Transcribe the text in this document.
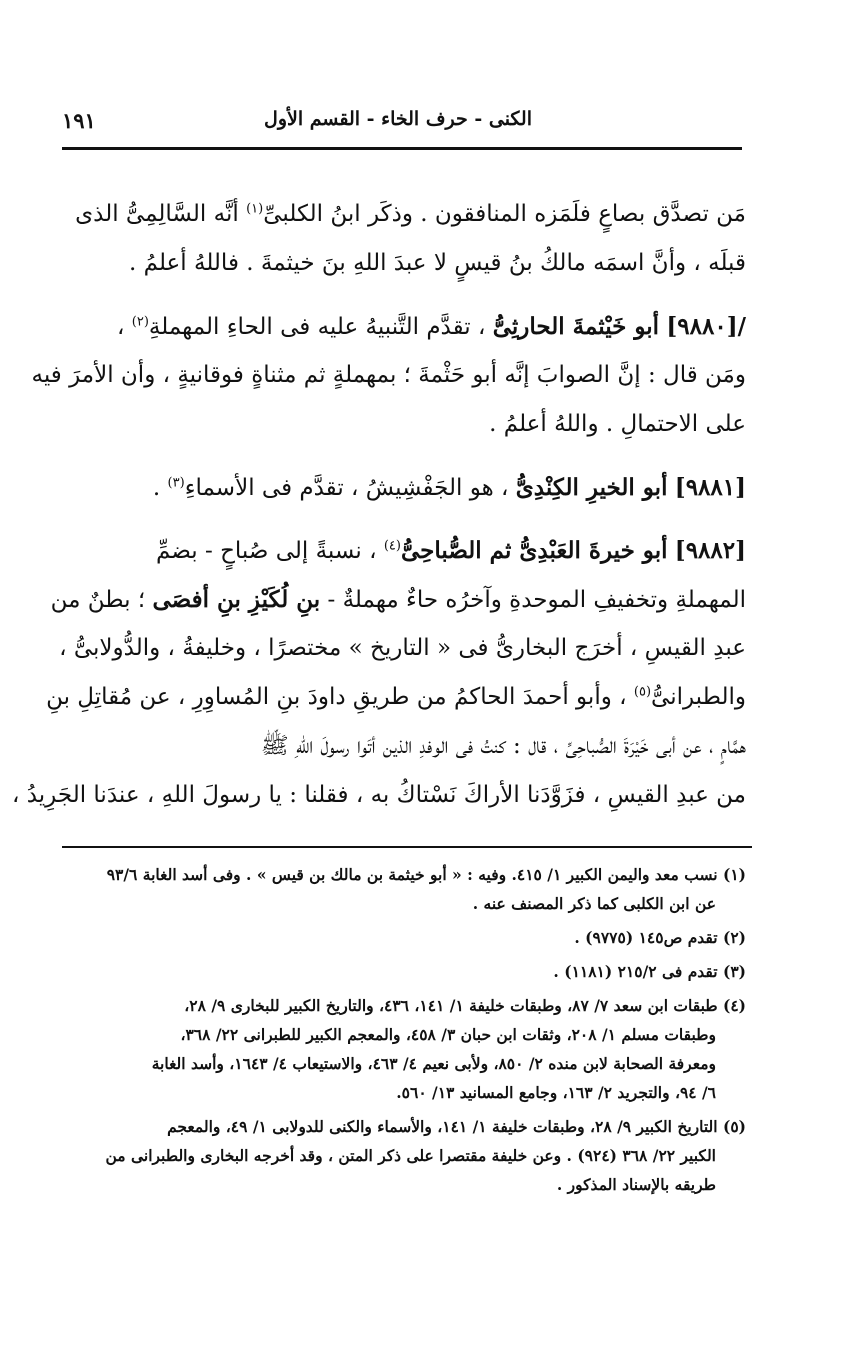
الكنى - حرف الخاء - القسم الأول
١٩١
مَن تصدَّق بصاعٍ فلَمَزه المنافقون . وذكَر ابنُ الكلبىِّ$^{(١)}$ أنَّه السَّالِمِىُّ الذى
قبلَه ، وأنَّ اسمَه مالكُ بنُ قيسٍ لا عبدَ اللهِ بنَ خيثمةَ . فاللهُ أعلمُ .
/[٩٨٨٠] أبو خَيْثمةَ الحارثِىُّ ، تقدَّم التَّنبيهُ عليه فى الحاءِ المهملةِ$^{(٢)}$ ،
ومَن قال : إنَّ الصوابَ إنَّه أبو حَثْمةَ ؛ بمهملةٍ ثم مثناةٍ فوقانيةٍ ، وأن الأمرَ فيه
على الاحتمالِ . واللهُ أعلمُ .
[٩٨٨١] أبو الخيرِ الكِنْدِىُّ ، هو الجَفْشِيشُ ، تقدَّم فى الأسماءِ$^{(٣)}$ .
[٩٨٨٢] أبو خيرةَ العَبْدِىُّ ثم الصُّباحِىُّ$^{(٤)}$ ، نسبةً إلى صُباحٍ - بضمِّ
المهملةِ وتخفيفِ الموحدةِ وآخرُه حاءٌ مهملةٌ - بنِ لُكَيْزِ بنِ أفصَى ؛ بطنٌ من
عبدِ القيسِ ، أخرَج البخارىُّ فى « التاريخ » مختصرًا ، وخليفةُ ، والدُّولابىُّ ،
والطبرانىُّ$^{(٥)}$ ، وأبو أحمدَ الحاكمُ من طريقِ داودَ بنِ المُساوِرِ ، عن مُقاتِلِ بنِ
همَّامٍ ، عن أبى خَيْرَةَ الصُّباحِىِّ ، قال : كنتُ فى الوفدِ الذين أتَوا رسولَ اللهِ ﷺ
من عبدِ القيسِ ، فزَوَّدَنا الأراكَ نَسْتاكُ به ، فقلنا : يا رسولَ اللهِ ، عندَنا الجَرِيدُ ،
(١) نسب معد واليمن الكبير ١/ ٤١٥. وفيه : « أبو خيثمة بن مالك بن قيس » . وفى أسد الغابة ٩٣/٦
عن ابن الكلبى كما ذكر المصنف عنه .
(٢) تقدم ص١٤٥ (٩٧٧٥) .
(٣) تقدم فى ٢١٥/٢ (١١٨١) .
(٤) طبقات ابن سعد ٧/ ٨٧، وطبقات خليفة ١/ ١٤١، ٤٣٦، والتاريخ الكبير للبخارى ٩/ ٢٨،
وطبقات مسلم ١/ ٢٠٨، وثقات ابن حبان ٣/ ٤٥٨، والمعجم الكبير للطبرانى ٢٢/ ٣٦٨،
ومعرفة الصحابة لابن منده ٢/ ٨٥٠، ولأبى نعيم ٤/ ٤٦٣، والاستيعاب ٤/ ١٦٤٣، وأسد الغابة
٦/ ٩٤، والتجريد ٢/ ١٦٣، وجامع المسانيد ١٣/ ٥٦٠.
(٥) التاريخ الكبير ٩/ ٢٨، وطبقات خليفة ١/ ١٤١، والأسماء والكنى للدولابى ١/ ٤٩، والمعجم
الكبير ٢٢/ ٣٦٨ (٩٢٤) . وعن خليفة مقتصرا على ذكر المتن ، وقد أخرجه البخارى والطبرانى من
طريقه بالإسناد المذكور .
